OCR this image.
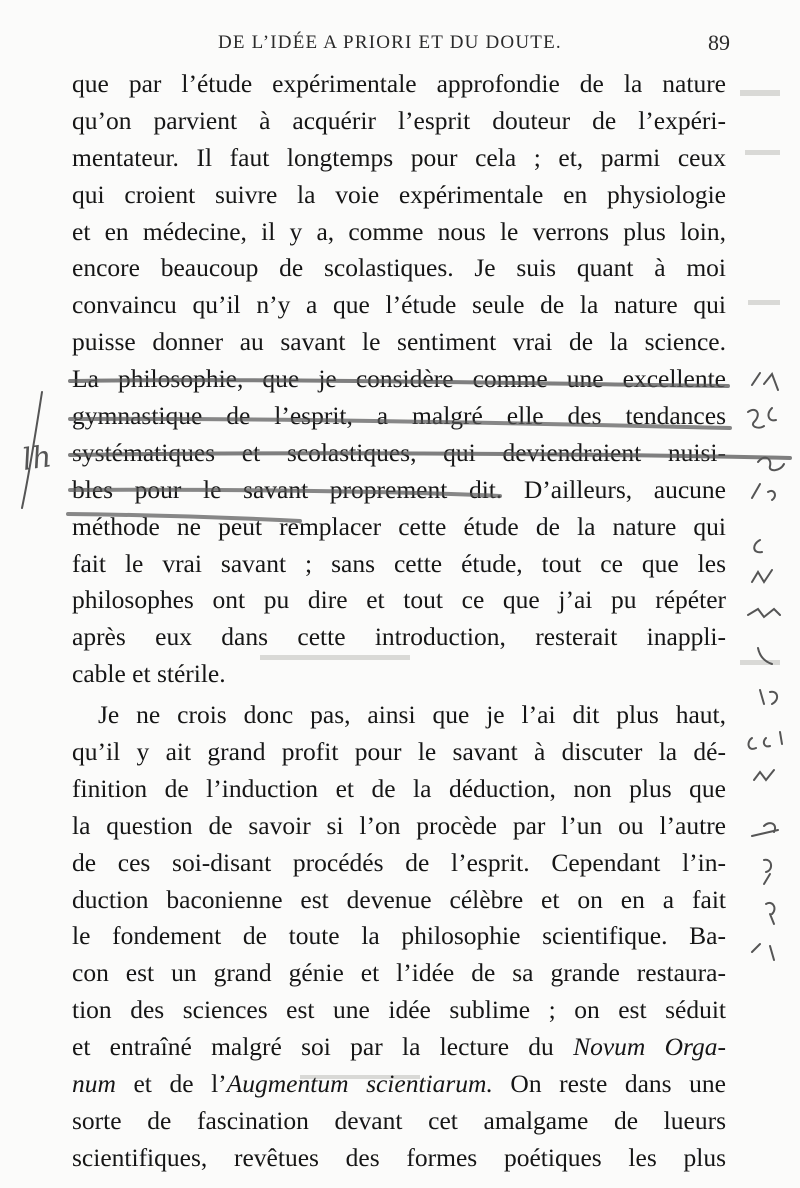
DE L’IDÉE A PRIORI ET DU DOUTE.	89
que par l’étude expérimentale approfondie de la nature
qu’on parvient à acquérir l’esprit douteur de l’expéri-
mentateur. Il faut longtemps pour cela ; et, parmi ceux
qui croient suivre la voie expérimentale en physiologie
et en médecine, il y a, comme nous le verrons plus loin,
encore beaucoup de scolastiques. Je suis quant à moi
convaincu qu’il n’y a que l’étude seule de la nature qui
puisse donner au savant le sentiment vrai de la science.
La philosophie, que je considère comme une excellente
gymnastique de l’esprit, a malgré elle des tendances
systématiques et scolastiques, qui deviendraient nuisi-
bles pour le savant proprement dit. D’ailleurs, aucune
méthode ne peut remplacer cette étude de la nature qui
fait le vrai savant ; sans cette étude, tout ce que les
philosophes ont pu dire et tout ce que j’ai pu répéter
après eux dans cette introduction, resterait inappli-
cable et stérile.
Je ne crois donc pas, ainsi que je l’ai dit plus haut,
qu’il y ait grand profit pour le savant à discuter la dé-
finition de l’induction et de la déduction, non plus que
la question de savoir si l’on procède par l’un ou l’autre
de ces soi-disant procédés de l’esprit. Cependant l’in-
duction baconienne est devenue célèbre et on en a fait
le fondement de toute la philosophie scientifique. Ba-
con est un grand génie et l’idée de sa grande restaura-
tion des sciences est une idée sublime ; on est séduit
et entraîné malgré soi par la lecture du Novum Orga-
num et de l’Augmentum scientiarum. On reste dans une
sorte de fascination devant cet amalgame de lueurs
scientifiques, revêtues des formes poétiques les plus
lh
